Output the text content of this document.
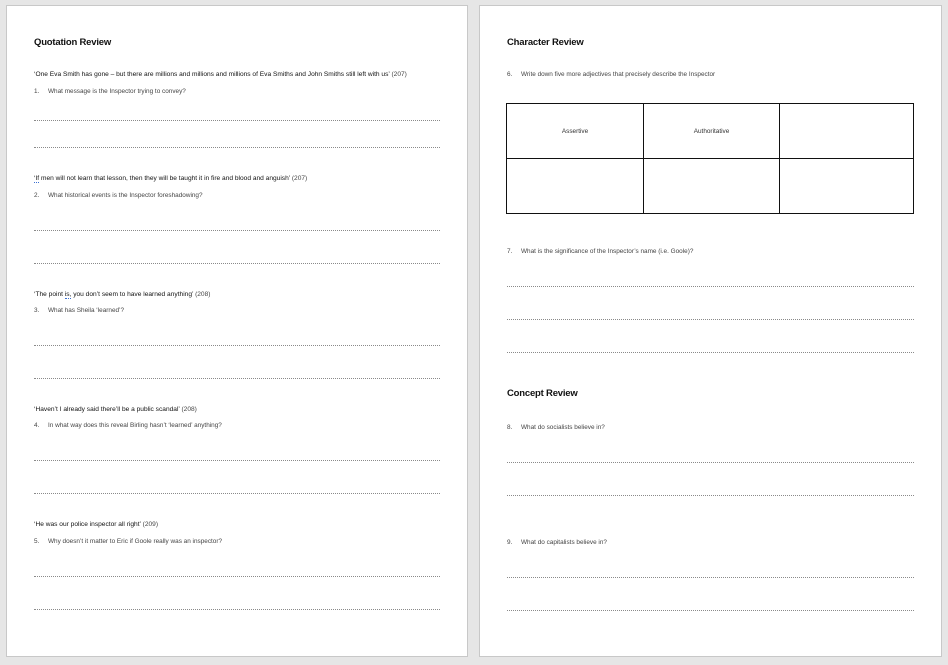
Quotation Review
‘One Eva Smith has gone – but there are millions and millions and millions of Eva Smiths and John Smiths still left with us’ (207)
1. What message is the Inspector trying to convey?
‘If men will not learn that lesson, then they will be taught it in fire and blood and anguish’ (207)
2. What historical events is the Inspector foreshadowing?
‘The point is, you don’t seem to have learned anything’ (208)
3. What has Sheila ‘learned’?
‘Haven’t I already said there’ll be a public scandal’ (208)
4. In what way does this reveal Birling hasn’t ‘learned’ anything?
‘He was our police inspector all right’ (209)
5. Why doesn’t it matter to Eric if Goole really was an inspector?
Character Review
6. Write down five more adjectives that precisely describe the Inspector
Assertive	Authoritative	

7. What is the significance of the Inspector’s name (i.e. Goole)?
Concept Review
8. What do socialists believe in?
9. What do capitalists believe in?
